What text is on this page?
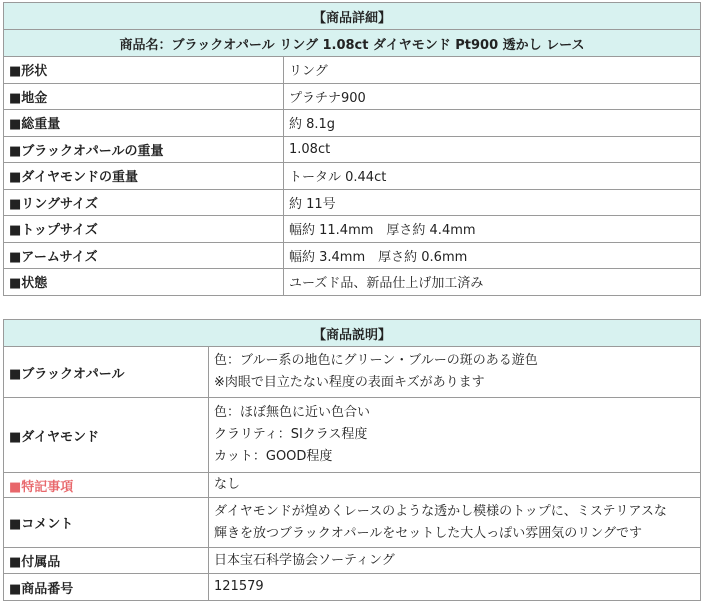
【商品詳細】	
商品名：ブラックオパール リング 1.08ct ダイヤモンド Pt900 透かし レース	
■形状	リング
■地金	プラチナ900
■総重量	約 8.1g
■ブラックオパールの重量	1.08ct
■ダイヤモンドの重量	トータル 0.44ct
■リングサイズ	約 11号
■トップサイズ	幅約 11.4mm　厚さ約 4.4mm
■アームサイズ	幅約 3.4mm　厚さ約 0.6mm
■状態	ユーズド品、新品仕上げ加工済み
【商品説明】	
■ブラックオパール	色：ブルー系の地色にグリーン・ブルーの斑のある遊色
※肉眼で目立たない程度の表面キズがあります

■ダイヤモンド	色：ほぼ無色に近い色合い
クラリティ：SIクラス程度
カット：GOOD程度

■特記事項	なし

■コメント	ダイヤモンドが煌めくレースのような透かし模様のトップに、ミステリアスな
輝きを放つブラックオパールをセットした大人っぽい雰囲気のリングです

■付属品	日本宝石科学協会ソーティング

■商品番号	121579
